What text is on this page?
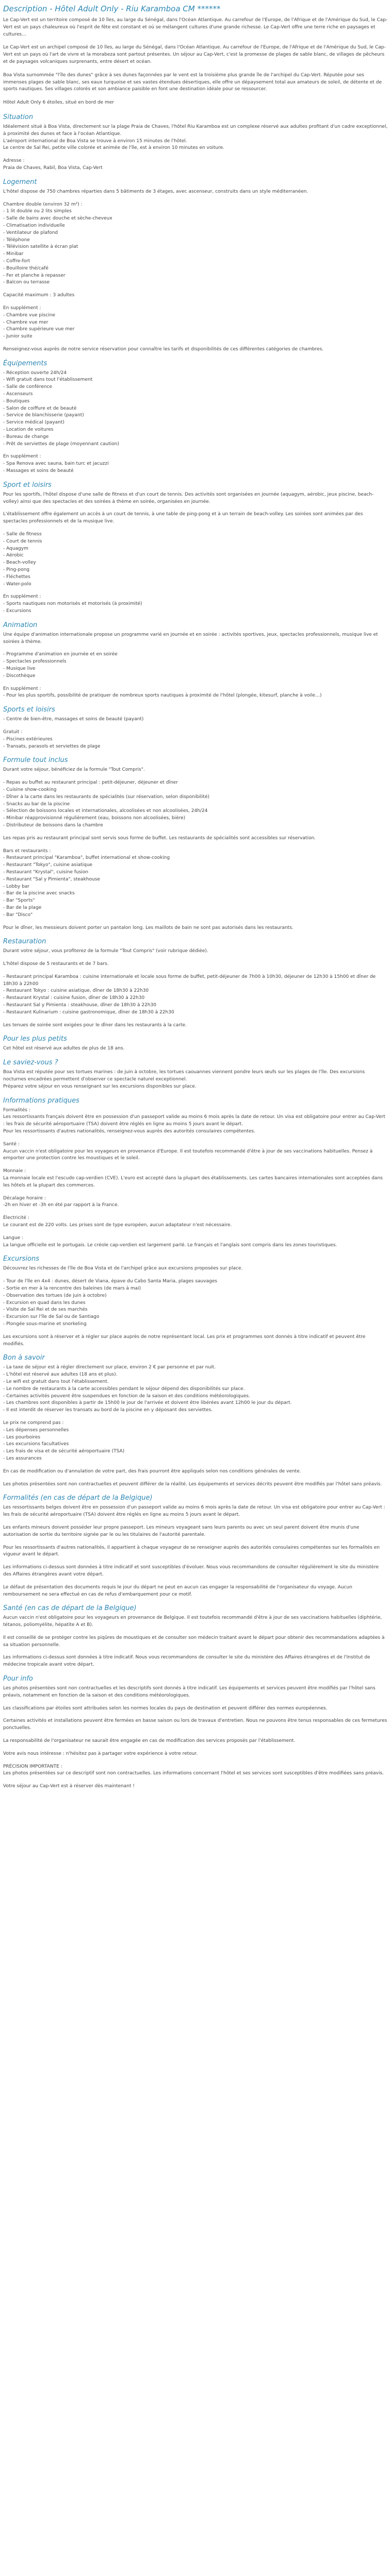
Description - Hôtel Adult Only - Riu Karamboa CM ******

Le Cap-Vert est un territoire composé de 10 îles, au large du Sénégal, dans l'Océan Atlantique. Au carrefour de l'Europe, de l'Afrique et de l'Amérique du Sud, le Cap-Vert est un pays chaleureux où l'esprit de fête est constant et où se mélangent cultures d'une grande richesse. Le Cap-Vert offre une terre riche en paysages et cultures…

Le Cap-Vert est un archipel composé de 10 îles, au large du Sénégal, dans l'Océan Atlantique. Au carrefour de l'Europe, de l'Afrique et de l'Amérique du Sud, le Cap-Vert est un pays où l'art de vivre et la morabeza sont partout présentes. Un séjour au Cap-Vert, c'est la promesse de plages de sable blanc, de villages de pêcheurs et de paysages volcaniques surprenants, entre désert et océan.

Boa Vista surnommée "l'île des dunes" grâce à ses dunes façonnées par le vent est la troisième plus grande île de l'archipel du Cap-Vert. Réputée pour ses immenses plages de sable blanc, ses eaux turquoise et ses vastes étendues désertiques, elle offre un dépaysement total aux amateurs de soleil, de détente et de sports nautiques. Ses villages colorés et son ambiance paisible en font une destination idéale pour se ressourcer.

Hôtel Adult Only 6 étoiles, situé en bord de mer

Situation

Idéalement situé à Boa Vista, directement sur la plage Praia de Chaves, l'hôtel Riu Karamboa est un complexe réservé aux adultes profitant d'un cadre exceptionnel, à proximité des dunes et face à l'océan Atlantique.
L'aéroport international de Boa Vista se trouve à environ 15 minutes de l'hôtel.
Le centre de Sal Rei, petite ville colorée et animée de l'île, est à environ 10 minutes en voiture.

Adresse :
Praia de Chaves, Rabil, Boa Vista, Cap-Vert

Logement

L'hôtel dispose de 750 chambres réparties dans 5 bâtiments de 3 étages, avec ascenseur, construits dans un style méditerranéen.

Chambre double (environ 32 m²) :
- 1 lit double ou 2 lits simples
- Salle de bains avec douche et sèche-cheveux
- Climatisation individuelle
- Ventilateur de plafond
- Téléphone
- Télévision satellite à écran plat
- Minibar
- Coffre-fort
- Bouilloire thé/café
- Fer et planche à repasser
- Balcon ou terrasse

Capacité maximum : 3 adultes

En supplément :
- Chambre vue piscine
- Chambre vue mer
- Chambre supérieure vue mer
- Junior suite

Renseignez-vous auprès de notre service réservation pour connaître les tarifs et disponibilités de ces différentes catégories de chambres.

Équipements

- Réception ouverte 24h/24
- Wifi gratuit dans tout l'établissement
- Salle de conférence
- Ascenseurs
- Boutiques
- Salon de coiffure et de beauté
- Service de blanchisserie (payant)
- Service médical (payant)
- Location de voitures
- Bureau de change
- Prêt de serviettes de plage (moyennant caution)

En supplément :
- Spa Renova avec sauna, bain turc et jacuzzi
- Massages et soins de beauté

Sport et loisirs

Pour les sportifs, l'hôtel dispose d'une salle de fitness et d'un court de tennis. Des activités sont organisées en journée (aquagym, aérobic, jeux piscine, beach-volley) ainsi que des spectacles et des soirées à thème en soirée, organisées en journée.

L'établissement offre également un accès à un court de tennis, à une table de ping-pong et à un terrain de beach-volley. Les soirées sont animées par des spectacles professionnels et de la musique live.

- Salle de fitness
- Court de tennis
- Aquagym
- Aérobic
- Beach-volley
- Ping-pong
- Fléchettes
- Water-polo

En supplément :
- Sports nautiques non motorisés et motorisés (à proximité)
- Excursions

Animation

Une équipe d'animation internationale propose un programme varié en journée et en soirée : activités sportives, jeux, spectacles professionnels, musique live et soirées à thème.

- Programme d'animation en journée et en soirée
- Spectacles professionnels
- Musique live
- Discothèque

En supplément :
- Pour les plus sportifs, possibilité de pratiquer de nombreux sports nautiques à proximité de l'hôtel (plongée, kitesurf, planche à voile…)

Sports et loisirs

- Centre de bien-être, massages et soins de beauté (payant)

Gratuit :
- Piscines extérieures
- Transats, parasols et serviettes de plage

Formule tout inclus

Durant votre séjour, bénéficiez de la formule "Tout Compris".

- Repas au buffet au restaurant principal : petit-déjeuner, déjeuner et dîner
- Cuisine show-cooking
- Dîner à la carte dans les restaurants de spécialités (sur réservation, selon disponibilité)
- Snacks au bar de la piscine
- Sélection de boissons locales et internationales, alcoolisées et non alcoolisées, 24h/24
- Minibar réapprovisionné régulièrement (eau, boissons non alcoolisées, bière)
- Distributeur de boissons dans la chambre

Les repas pris au restaurant principal sont servis sous forme de buffet. Les restaurants de spécialités sont accessibles sur réservation.

Bars et restaurants :
- Restaurant principal "Karamboa", buffet international et show-cooking
- Restaurant "Tokyo", cuisine asiatique
- Restaurant "Krystal", cuisine fusion
- Restaurant "Sal y Pimienta", steakhouse
- Lobby bar
- Bar de la piscine avec snacks
- Bar "Sports"
- Bar de la plage
- Bar "Disco"

Pour le dîner, les messieurs doivent porter un pantalon long. Les maillots de bain ne sont pas autorisés dans les restaurants.

Restauration

Durant votre séjour, vous profiterez de la formule "Tout Compris" (voir rubrique dédiée).

L'hôtel dispose de 5 restaurants et de 7 bars.

- Restaurant principal Karamboa : cuisine internationale et locale sous forme de buffet, petit-déjeuner de 7h00 à 10h30, déjeuner de 12h30 à 15h00 et dîner de 18h30 à 22h00
- Restaurant Tokyo : cuisine asiatique, dîner de 18h30 à 22h30
- Restaurant Krystal : cuisine fusion, dîner de 18h30 à 22h30
- Restaurant Sal y Pimienta : steakhouse, dîner de 18h30 à 22h30
- Restaurant Kulinarium : cuisine gastronomique, dîner de 18h30 à 22h30

Les tenues de soirée sont exigées pour le dîner dans les restaurants à la carte.

Pour les plus petits

Cet hôtel est réservé aux adultes de plus de 18 ans.

Le saviez-vous ?

Boa Vista est réputée pour ses tortues marines : de juin à octobre, les tortues caouannes viennent pondre leurs œufs sur les plages de l'île. Des excursions nocturnes encadrées permettent d'observer ce spectacle naturel exceptionnel.
Préparez votre séjour en vous renseignant sur les excursions disponibles sur place.

Informations pratiques

Formalités :
Les ressortissants français doivent être en possession d'un passeport valide au moins 6 mois après la date de retour. Un visa est obligatoire pour entrer au Cap-Vert : les frais de sécurité aéroportuaire (TSA) doivent être réglés en ligne au moins 5 jours avant le départ.
Pour les ressortissants d'autres nationalités, renseignez-vous auprès des autorités consulaires compétentes.

Santé :
Aucun vaccin n'est obligatoire pour les voyageurs en provenance d'Europe. Il est toutefois recommandé d'être à jour de ses vaccinations habituelles. Pensez à emporter une protection contre les moustiques et le soleil.

Monnaie :
La monnaie locale est l'escudo cap-verdien (CVE). L'euro est accepté dans la plupart des établissements. Les cartes bancaires internationales sont acceptées dans les hôtels et la plupart des commerces.

Décalage horaire :
-2h en hiver et -3h en été par rapport à la France.

Électricité :
Le courant est de 220 volts. Les prises sont de type européen, aucun adaptateur n'est nécessaire.

Langue :
La langue officielle est le portugais. Le créole cap-verdien est largement parlé. Le français et l'anglais sont compris dans les zones touristiques.

Excursions

Découvrez les richesses de l'île de Boa Vista et de l'archipel grâce aux excursions proposées sur place.

- Tour de l'île en 4x4 : dunes, désert de Viana, épave du Cabo Santa Maria, plages sauvages
- Sortie en mer à la rencontre des baleines (de mars à mai)
- Observation des tortues (de juin à octobre)
- Excursion en quad dans les dunes
- Visite de Sal Rei et de ses marchés
- Excursion sur l'île de Sal ou de Santiago
- Plongée sous-marine et snorkeling

Les excursions sont à réserver et à régler sur place auprès de notre représentant local. Les prix et programmes sont donnés à titre indicatif et peuvent être modifiés.

Bon à savoir

- La taxe de séjour est à régler directement sur place, environ 2 € par personne et par nuit.
- L'hôtel est réservé aux adultes (18 ans et plus).
- Le wifi est gratuit dans tout l'établissement.
- Le nombre de restaurants à la carte accessibles pendant le séjour dépend des disponibilités sur place.
- Certaines activités peuvent être suspendues en fonction de la saison et des conditions météorologiques.
- Les chambres sont disponibles à partir de 15h00 le jour de l'arrivée et doivent être libérées avant 12h00 le jour du départ.
- Il est interdit de réserver les transats au bord de la piscine en y déposant des serviettes.

Le prix ne comprend pas :
- Les dépenses personnelles
- Les pourboires
- Les excursions facultatives
- Les frais de visa et de sécurité aéroportuaire (TSA)
- Les assurances

En cas de modification ou d'annulation de votre part, des frais pourront être appliqués selon nos conditions générales de vente.

Les photos présentées sont non contractuelles et peuvent différer de la réalité. Les équipements et services décrits peuvent être modifiés par l'hôtel sans préavis.

Formalités (en cas de départ de la Belgique)

Les ressortissants belges doivent être en possession d'un passeport valide au moins 6 mois après la date de retour. Un visa est obligatoire pour entrer au Cap-Vert : les frais de sécurité aéroportuaire (TSA) doivent être réglés en ligne au moins 5 jours avant le départ.

Les enfants mineurs doivent posséder leur propre passeport. Les mineurs voyageant sans leurs parents ou avec un seul parent doivent être munis d'une autorisation de sortie du territoire signée par le ou les titulaires de l'autorité parentale.

Pour les ressortissants d'autres nationalités, il appartient à chaque voyageur de se renseigner auprès des autorités consulaires compétentes sur les formalités en vigueur avant le départ.

Les informations ci-dessus sont données à titre indicatif et sont susceptibles d'évoluer. Nous vous recommandons de consulter régulièrement le site du ministère des Affaires étrangères avant votre départ.

Le défaut de présentation des documents requis le jour du départ ne peut en aucun cas engager la responsabilité de l'organisateur du voyage. Aucun remboursement ne sera effectué en cas de refus d'embarquement pour ce motif.

Santé (en cas de départ de la Belgique)

Aucun vaccin n'est obligatoire pour les voyageurs en provenance de Belgique. Il est toutefois recommandé d'être à jour de ses vaccinations habituelles (diphtérie, tétanos, poliomyélite, hépatite A et B).

Il est conseillé de se protéger contre les piqûres de moustiques et de consulter son médecin traitant avant le départ pour obtenir des recommandations adaptées à sa situation personnelle.

Les informations ci-dessus sont données à titre indicatif. Nous vous recommandons de consulter le site du ministère des Affaires étrangères et de l'Institut de médecine tropicale avant votre départ.

Pour info

Les photos présentées sont non contractuelles et les descriptifs sont donnés à titre indicatif. Les équipements et services peuvent être modifiés par l'hôtel sans préavis, notamment en fonction de la saison et des conditions météorologiques.

Les classifications par étoiles sont attribuées selon les normes locales du pays de destination et peuvent différer des normes européennes.

Certaines activités et installations peuvent être fermées en basse saison ou lors de travaux d'entretien. Nous ne pouvons être tenus responsables de ces fermetures ponctuelles.

La responsabilité de l'organisateur ne saurait être engagée en cas de modification des services proposés par l'établissement.

Votre avis nous intéresse : n'hésitez pas à partager votre expérience à votre retour.

PRÉCISION IMPORTANTE :
Les photos présentées sur ce descriptif sont non contractuelles. Les informations concernant l'hôtel et ses services sont susceptibles d'être modifiées sans préavis.

Votre séjour au Cap-Vert est à réserver dès maintenant !
